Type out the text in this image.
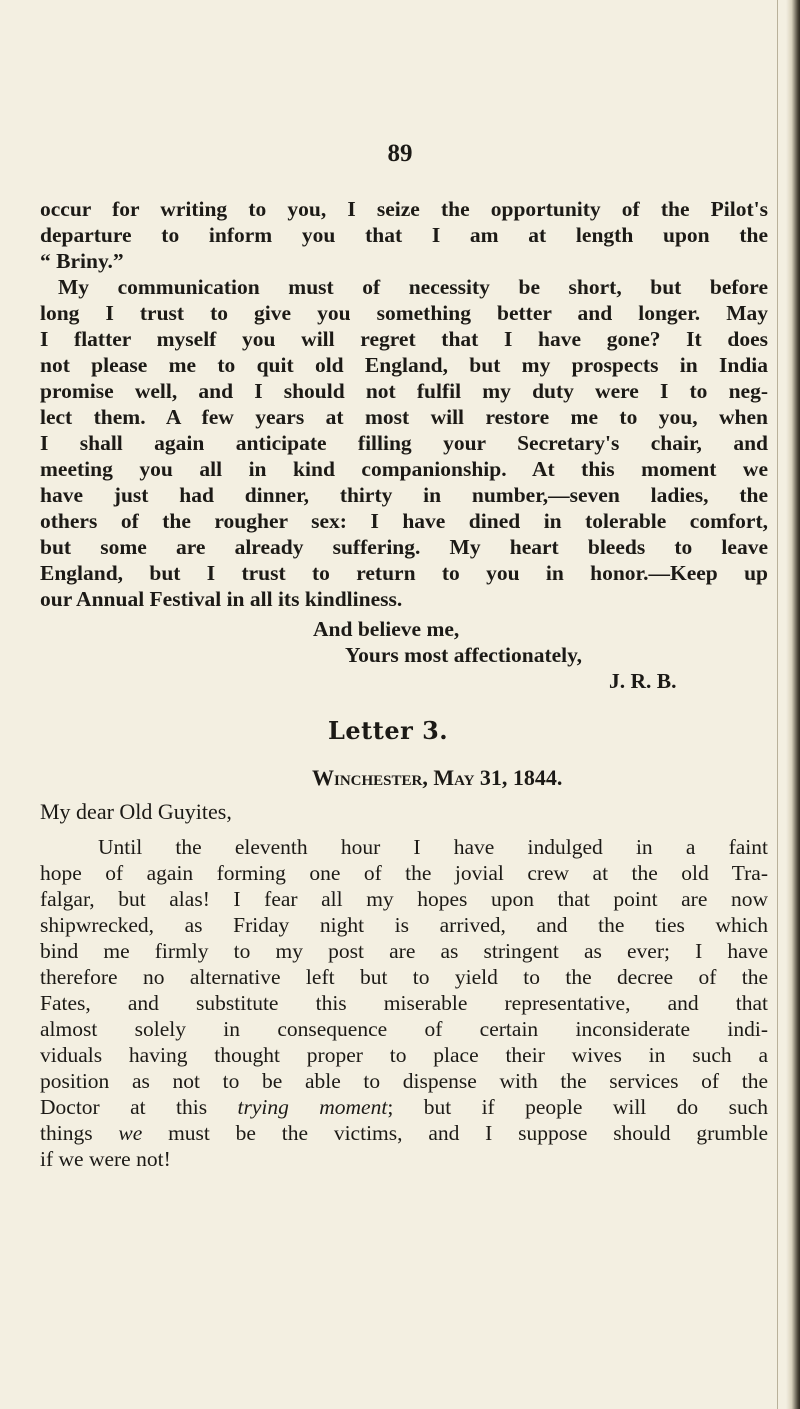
89
occur for writing to you, I seize the opportunity of the Pilot's
departure to inform you that I am at length upon the
“ Briny.”
My communication must of necessity be short, but before
long I trust to give you something better and longer. May
I flatter myself you will regret that I have gone? It does
not please me to quit old England, but my prospects in India
promise well, and I should not fulfil my duty were I to neg-
lect them. A few years at most will restore me to you, when
I shall again anticipate filling your Secretary's chair, and
meeting you all in kind companionship. At this moment we
have just had dinner, thirty in number,—seven ladies, the
others of the rougher sex: I have dined in tolerable comfort,
but some are already suffering. My heart bleeds to leave
England, but I trust to return to you in honor.—Keep up
our Annual Festival in all its kindliness.
And believe me,
Yours most affectionately,
J. R. B.
Letter 3.
Winchester, May 31, 1844.
My dear Old Guyites,
Until the eleventh hour I have indulged in a faint
hope of again forming one of the jovial crew at the old Tra-
falgar, but alas! I fear all my hopes upon that point are now
shipwrecked, as Friday night is arrived, and the ties which
bind me firmly to my post are as stringent as ever; I have
therefore no alternative left but to yield to the decree of the
Fates, and substitute this miserable representative, and that
almost solely in consequence of certain inconsiderate indi-
viduals having thought proper to place their wives in such a
position as not to be able to dispense with the services of the
Doctor at this trying moment; but if people will do such
things we must be the victims, and I suppose should grumble
if we were not!
